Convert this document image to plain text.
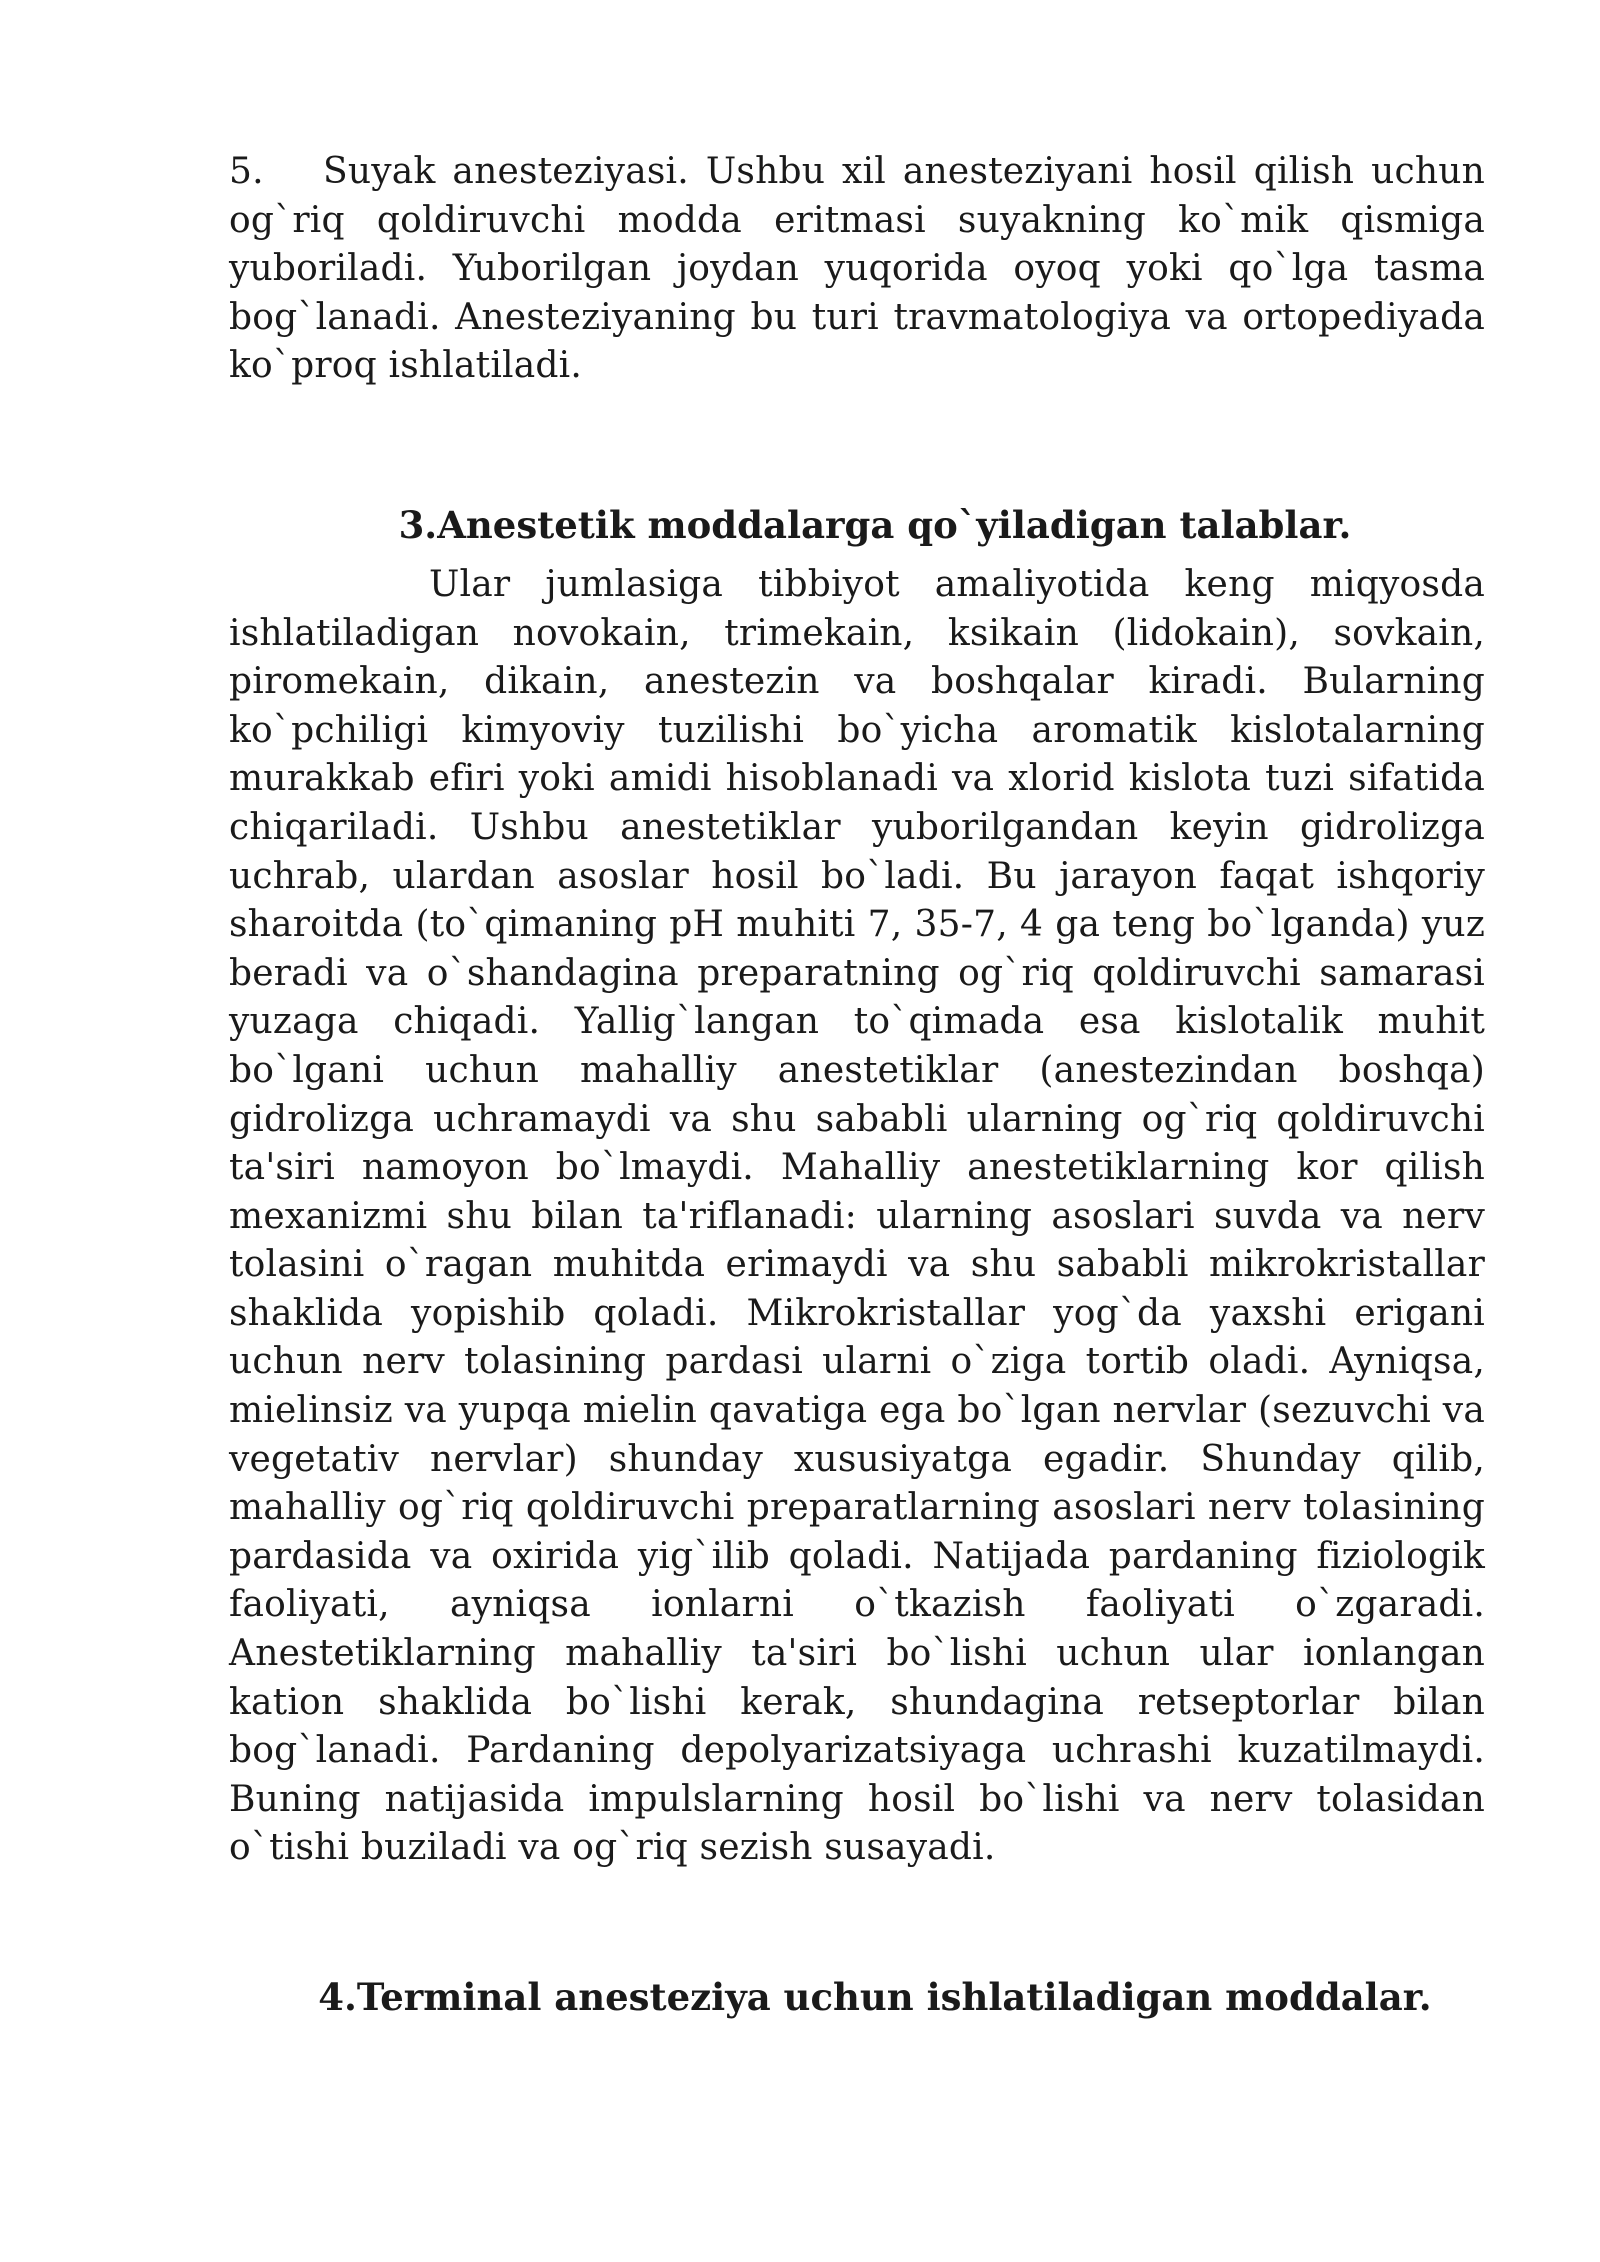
5. Suyak anesteziyasi. Ushbu xil anesteziyani hosil qilish uchun og`riq qoldiruvchi modda eritmasi suyakning ko`mik qismiga yuboriladi. Yuborilgan joydan yuqorida oyoq yoki qo`lga tasma bog`lanadi. Anesteziyaning bu turi travmatologiya va ortopediyada ko`proq ishlatiladi.

3.Anestetik moddalarga qo`yiladigan talablar.

Ular jumlasiga tibbiyot amaliyotida keng miqyosda ishlatiladigan novokain, trimekain, ksikain (lidokain), sovkain, piromekain, dikain, anestezin va boshqalar kiradi. Bularning ko`pchiligi kimyoviy tuzilishi bo`yicha aromatik kislotalarning murakkab efiri yoki amidi hisoblanadi va xlorid kislota tuzi sifatida chiqariladi. Ushbu anestetiklar yuborilgandan keyin gidrolizga uchrab, ulardan asoslar hosil bo`ladi. Bu jarayon faqat ishqoriy sharoitda (to`qimaning pH muhiti 7, 35-7, 4 ga teng bo`lganda) yuz beradi va o`shandagina preparatning og`riq qoldiruvchi samarasi yuzaga chiqadi. Yallig`langan to`qimada esa kislotalik muhit bo`lgani uchun mahalliy anestetiklar (anestezindan boshqa) gidrolizga uchramaydi va shu sababli ularning og`riq qoldiruvchi ta'siri namoyon bo`lmaydi. Mahalliy anestetiklarning kor qilish mexanizmi shu bilan ta'riflanadi: ularning asoslari suvda va nerv tolasini o`ragan muhitda erimaydi va shu sababli mikrokristallar shaklida yopishib qoladi. Mikrokristallar yog`da yaxshi erigani uchun nerv tolasining pardasi ularni o`ziga tortib oladi. Ayniqsa, mielinsiz va yupqa mielin qavatiga ega bo`lgan nervlar (sezuvchi va vegetativ nervlar) shunday xususiyatga egadir. Shunday qilib, mahalliy og`riq qoldiruvchi preparatlarning asoslari nerv tolasining pardasida va oxirida yig`ilib qoladi. Natijada pardaning fiziologik faoliyati, ayniqsa ionlarni o`tkazish faoliyati o`zgaradi. Anestetiklarning mahalliy ta'siri bo`lishi uchun ular ionlangan kation shaklida bo`lishi kerak, shundagina retseptorlar bilan bog`lanadi. Pardaning depolyarizatsiyaga uchrashi kuzatilmaydi. Buning natijasida impulslarning hosil bo`lishi va nerv tolasidan o`tishi buziladi va og`riq sezish susayadi.

4.Terminal anesteziya uchun ishlatiladigan moddalar.
